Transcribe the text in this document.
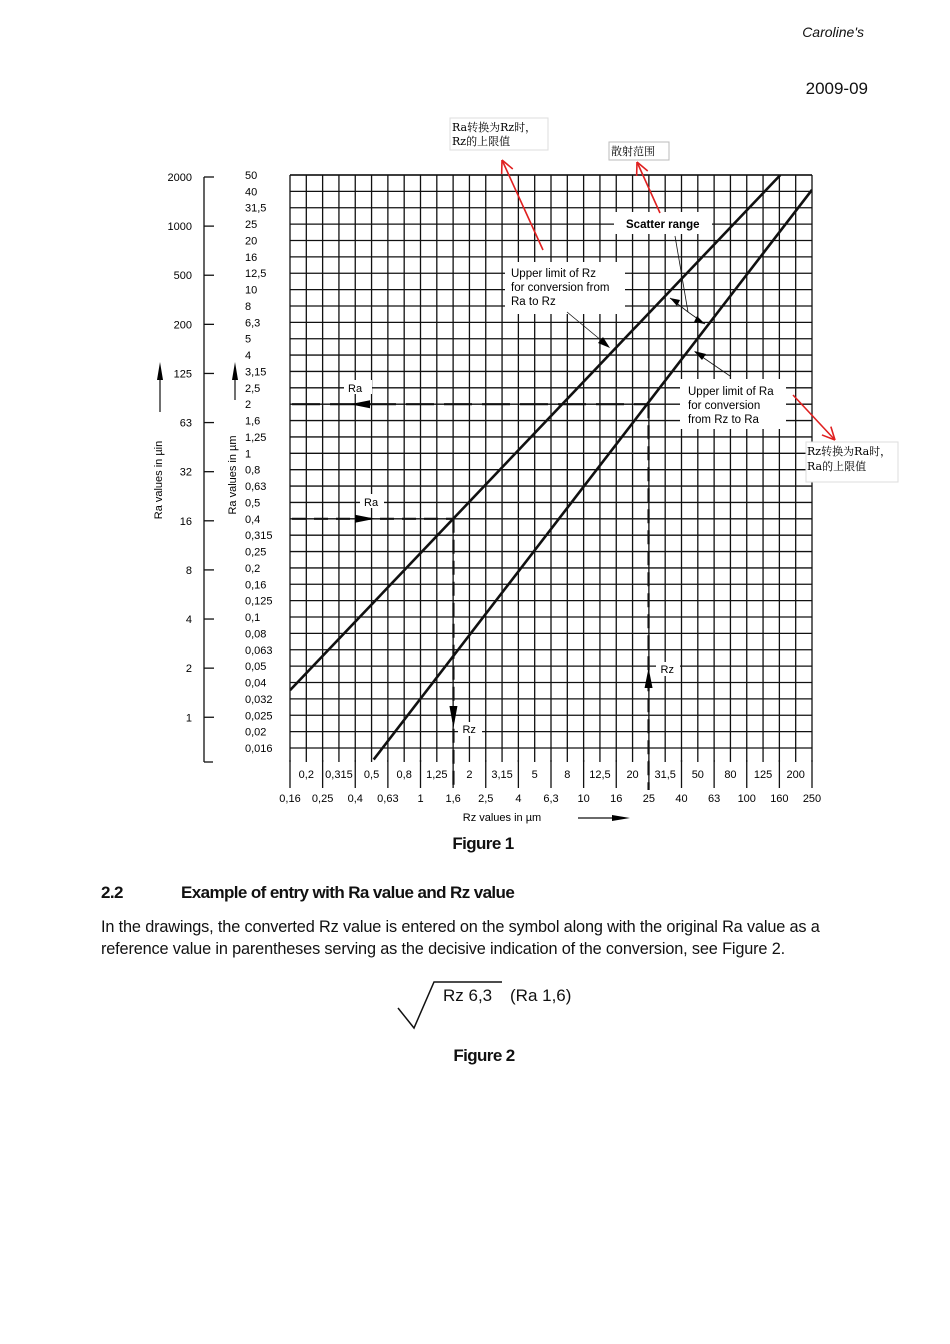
Caroline's
2009-09
0,2 0,315 0,5 0,8 1,25 2 3,15 5 8 12,5 20 31,5 50 80 125 200
0,16 0,25 0,4 0,63 1 1,6 2,5 4 6,3 10 16 25 40 63 100 160 250
Rz values in µm
50
40
31,5
25
20
16
12,5
10
8
6,3
5
4
3,15
2,5
2
1,6
1,25
1
0,8
0,63
0,5
0,4
0,315
0,25
0,2
0,16
0,125
0,1
0,08
0,063
0,05
0,04
0,032
0,025
0,02
0,016
Ra values in µm
2000
1000
500
200
125
63
32
16
8
4
2
1
Ra values in µin
Ra
Rz
Ra
Rz
Scatter range
Upper limit of Rz
for conversion from
Ra to Rz
Upper limit of Ra
for conversion
from Rz to Ra
Ra转换为Rz时，
Rz的上限值
散射范围
Rz转换为Ra时，
Ra的上限值
Figure 1
2.2	Example of entry with Ra value and Rz value
In the drawings, the converted Rz value is entered on the symbol along with the original Ra value as a reference value in parentheses serving as the decisive indication of the conversion, see Figure 2.
Rz 6,3 (Ra 1,6)
Figure 2
